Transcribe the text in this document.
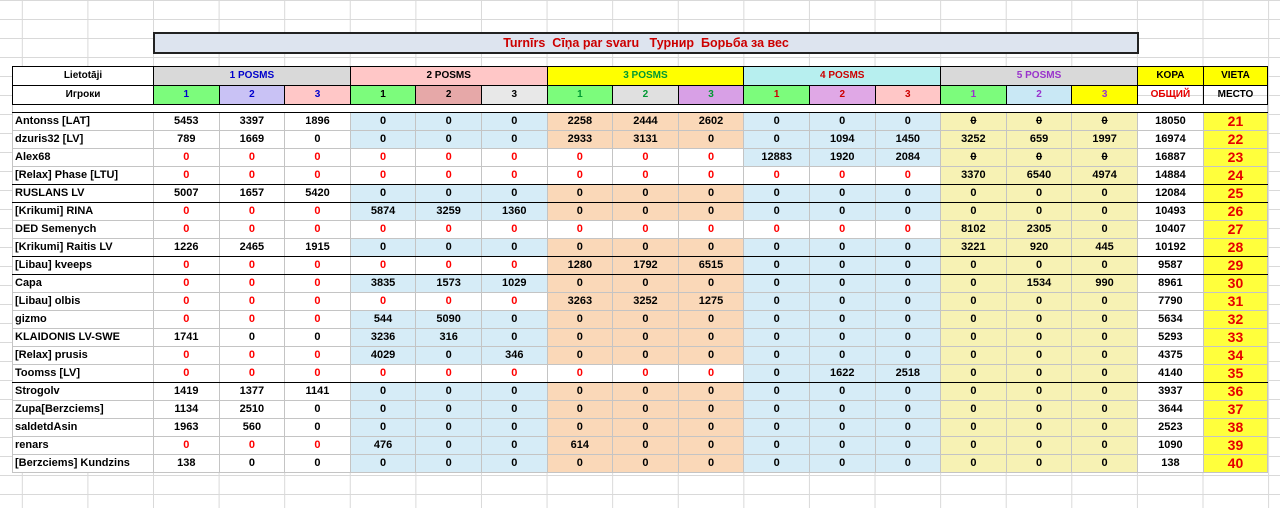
Turnīrs  Cīņa par svaru   Турнир  Борьба за вес
Lietotāji	1 POSMS			2 POSMS			3 POSMS			4 POSMS			5 POSMS			KOPA	VIETA
Игроки	1	2	3	1	2	3	1	2	3	1	2	3	1	2	3	ОБЩИЙ	МЕСТО

Antonss [LAT]	5453	3397	1896	0	0	0	2258	2444	2602	0	0	0	0	0	0	18050	21
dzuris32 [LV]	789	1669	0	0	0	0	2933	3131	0	0	1094	1450	3252	659	1997	16974	22
Alex68	0	0	0	0	0	0	0	0	0	12883	1920	2084	0	0	0	16887	23
[Relax] Phase [LTU]	0	0	0	0	0	0	0	0	0	0	0	0	3370	6540	4974	14884	24
RUSLANS LV	5007	1657	5420	0	0	0	0	0	0	0	0	0	0	0	0	12084	25
[Krikumi] RINA	0	0	0	5874	3259	1360	0	0	0	0	0	0	0	0	0	10493	26
DED Semenych	0	0	0	0	0	0	0	0	0	0	0	0	8102	2305	0	10407	27
[Krikumi] Raitis LV	1226	2465	1915	0	0	0	0	0	0	0	0	0	3221	920	445	10192	28
[Libau] kveeps	0	0	0	0	0	0	1280	1792	6515	0	0	0	0	0	0	9587	29
Capa	0	0	0	3835	1573	1029	0	0	0	0	0	0	0	1534	990	8961	30
[Libau] olbis	0	0	0	0	0	0	3263	3252	1275	0	0	0	0	0	0	7790	31
gizmo	0	0	0	544	5090	0	0	0	0	0	0	0	0	0	0	5634	32
KLAIDONIS LV-SWE	1741	0	0	3236	316	0	0	0	0	0	0	0	0	0	0	5293	33
[Relax] prusis	0	0	0	4029	0	346	0	0	0	0	0	0	0	0	0	4375	34
Toomss [LV]	0	0	0	0	0	0	0	0	0	0	1622	2518	0	0	0	4140	35
Strogolv	1419	1377	1141	0	0	0	0	0	0	0	0	0	0	0	0	3937	36
Zupa[Berzciems]	1134	2510	0	0	0	0	0	0	0	0	0	0	0	0	0	3644	37
saldetdAsin	1963	560	0	0	0	0	0	0	0	0	0	0	0	0	0	2523	38
renars	0	0	0	476	0	0	614	0	0	0	0	0	0	0	0	1090	39
[Berzciems] Kundzins	138	0	0	0	0	0	0	0	0	0	0	0	0	0	0	138	40
